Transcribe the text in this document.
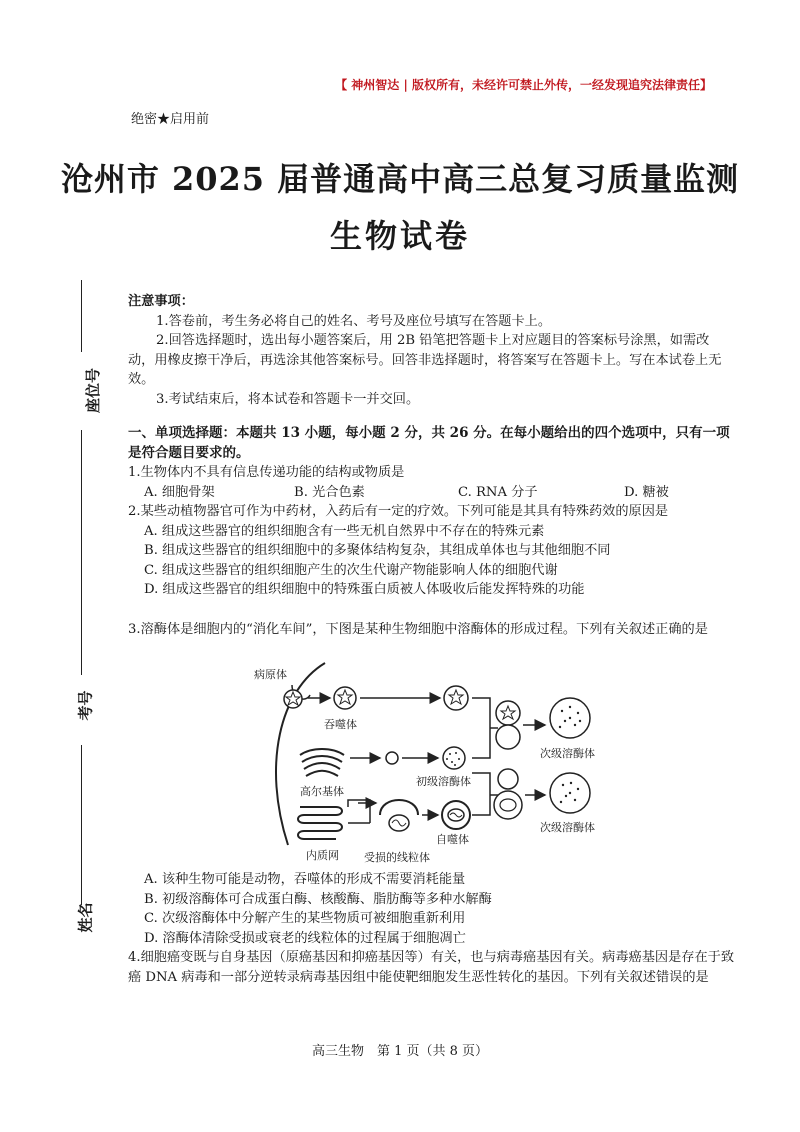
【 神州智达 | 版权所有，未经许可禁止外传，一经发现追究法律责任】
绝密★启用前
沧州市 2025 届普通高中高三总复习质量监测
生物试卷
座位号
考号
姓名
注意事项：
1.答卷前，考生务必将自己的姓名、考号及座位号填写在答题卡上。
2.回答选择题时，选出每小题答案后，用 2B 铅笔把答题卡上对应题目的答案标号涂黑，如需改动，用橡皮擦干净后，再选涂其他答案标号。回答非选择题时，将答案写在答题卡上。写在本试卷上无效。
3.考试结束后，将本试卷和答题卡一并交回。
一、单项选择题：本题共 13 小题，每小题 2 分，共 26 分。在每小题给出的四个选项中，只有一项是符合题目要求的。
1.生物体内不具有信息传递功能的结构或物质是
A. 细胞骨架	B. 光合色素	C. RNA 分子	D. 糖被
2.某些动植物器官可作为中药材，入药后有一定的疗效。下列可能是其具有特殊药效的原因是
A. 组成这些器官的组织细胞含有一些无机自然界中不存在的特殊元素
B. 组成这些器官的组织细胞中的多聚体结构复杂，其组成单体也与其他细胞不同
C. 组成这些器官的组织细胞产生的次生代谢产物能影响人体的细胞代谢
D. 组成这些器官的组织细胞中的特殊蛋白质被人体吸收后能发挥特殊的功能
3.溶酶体是细胞内的“消化车间”，下图是某种生物细胞中溶酶体的形成过程。下列有关叙述正确的是
病原体
吞噬体
高尔基体
初级溶酶体
次级溶酶体
内质网 受损的线粒体
自噬体
次级溶酶体
A. 该种生物可能是动物，吞噬体的形成不需要消耗能量
B. 初级溶酶体可合成蛋白酶、核酸酶、脂肪酶等多种水解酶
C. 次级溶酶体中分解产生的某些物质可被细胞重新利用
D. 溶酶体清除受损或衰老的线粒体的过程属于细胞凋亡
4.细胞癌变既与自身基因（原癌基因和抑癌基因等）有关，也与病毒癌基因有关。病毒癌基因是存在于致癌 DNA 病毒和一部分逆转录病毒基因组中能使靶细胞发生恶性转化的基因。下列有关叙述错误的是
高三生物　第 1 页（共 8 页）
